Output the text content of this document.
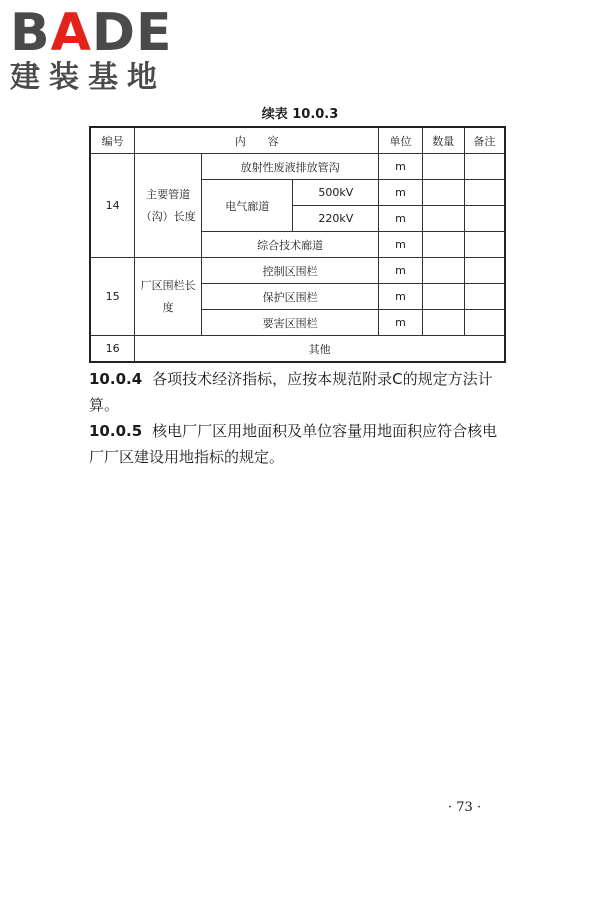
BADE
建装基地
续表 10.0.3
编号	内　　容			单位	数量	备注
14	主要管道（沟）长度	放射性废液排放管沟		m		
		电气廊道	500kV	m		
			220kV	m		
		综合技术廊道		m		
15	厂区围栏长度	控制区围栏		m		
		保护区围栏		m		
		要害区围栏		m		
16	其他					
10.0.4 各项技术经济指标，应按本规范附录C的规定方法计算。
10.0.5 核电厂厂区用地面积及单位容量用地面积应符合核电厂厂区建设用地指标的规定。
· 73 ·
